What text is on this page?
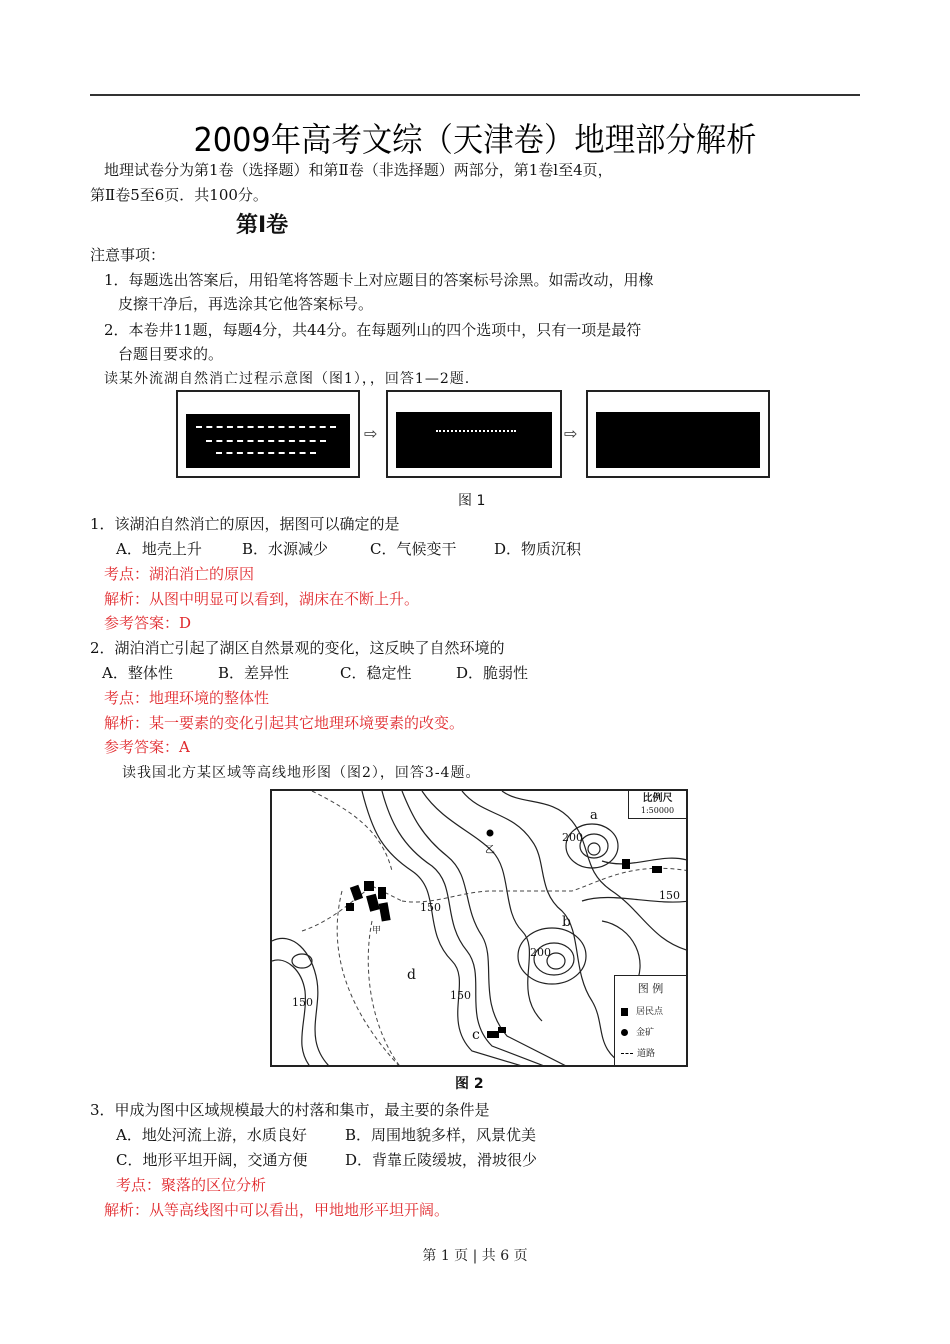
2009年高考文综（天津卷）地理部分解析
地理试卷分为第1卷（选择题）和第Ⅱ卷（非选择题）两部分，第1卷l至4页，
第Ⅱ卷5至6页．共100分。
第Ⅰ卷
注意事项：
1．每题选出答案后，用铅笔将答题卡上对应题目的答案标号涂黑。如需改动，用橡
皮擦干净后，再选涂其它他答案标号。
2．本卷井11题，每题4分，共44分。在每题列山的四个选项中，只有一项是最符
台题目要求的。
读某外流湖自然消亡过程示意图（图1），，回答1—2题.
⇨	⇨
图 1
1．该湖泊自然消亡的原因，据图可以确定的是
A．地壳上升	B．水源减少	C．气候变干	D．物质沉积
考点：湖泊消亡的原因
解析：从图中明显可以看到，湖床在不断上升。
参考答案：D
2．湖泊消亡引起了湖区自然景观的变化，这反映了自然环境的
A．整体性	B．差异性	C．稳定性	D．脆弱性
考点：地理环境的整体性
解析：某一要素的变化引起其它地理环境要素的改变。
参考答案：A
读我国北方某区域等高线地形图（图2），回答3-4题。
200
200
150
150
150
150
a
b
c
d
乙
甲
比例尺
1:50000
图 例
居民点
金矿
道路
图 2
3．甲成为图中区域规模最大的村落和集市，最主要的条件是
A．地处河流上游，水质良好	B．周围地貌多样，风景优美
C．地形平坦开阔，交通方便	D．背靠丘陵缓坡，滑坡很少
考点：聚落的区位分析
解析：从等高线图中可以看出，甲地地形平坦开阔。
第 1 页 | 共 6 页
